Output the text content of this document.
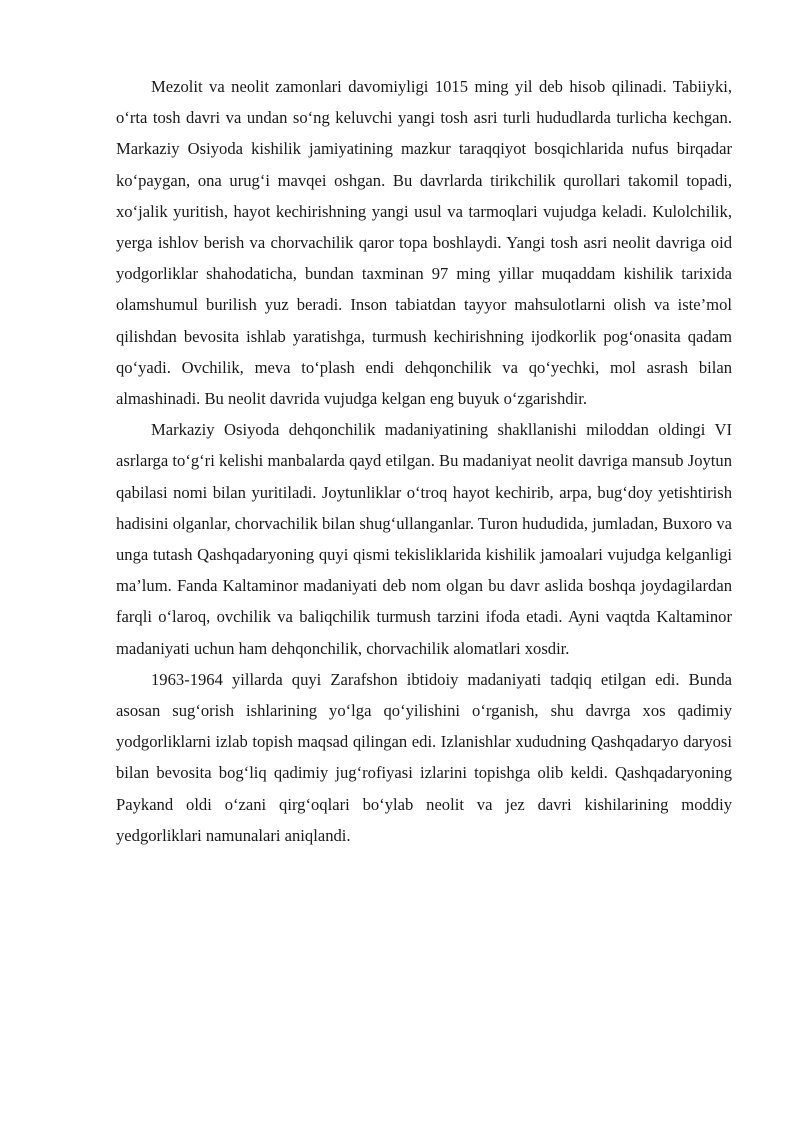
Mezolit va neolit zamonlari davomiyligi 1015 ming yil deb hisob qilinadi. Tabiiyki, o‘rta tosh davri va undan so‘ng keluvchi yangi tosh asri turli hududlarda turlicha kechgan. Markaziy Osiyoda kishilik jamiyatining mazkur taraqqiyot bosqichlarida nufus birqadar ko‘paygan, ona urug‘i mavqei oshgan. Bu davrlarda tirikchilik qurollari takomil topadi, xo‘jalik yuritish, hayot kechirishning yangi usul va tarmoqlari vujudga keladi. Kulolchilik, yerga ishlov berish va chorvachilik qaror topa boshlaydi. Yangi tosh asri neolit davriga oid yodgorliklar shahodaticha, bundan taxminan 97 ming yillar muqaddam kishilik tarixida olamshumul burilish yuz beradi. Inson tabiatdan tayyor mahsulotlarni olish va iste’mol qilishdan bevosita ishlab yaratishga, turmush kechirishning ijodkorlik pog‘onasita qadam qo‘yadi. Ovchilik, meva to‘plash endi dehqonchilik va qo‘yechki, mol asrash bilan almashinadi. Bu neolit davrida vujudga kelgan eng buyuk o‘zgarishdir.

Markaziy Osiyoda dehqonchilik madaniyatining shakllanishi miloddan oldingi VI asrlarga to‘g‘ri kelishi manbalarda qayd etilgan. Bu madaniyat neolit davriga mansub Joytun qabilasi nomi bilan yuritiladi. Joytunliklar o‘troq hayot kechirib, arpa, bug‘doy yetishtirish hadisini olganlar, chorvachilik bilan shug‘ullanganlar. Turon hududida, jumladan, Buxoro va unga tutash Qashqadaryoning quyi qismi tekisliklarida kishilik jamoalari vujudga kelganligi ma’lum. Fanda Kaltaminor madaniyati deb nom olgan bu davr aslida boshqa joydagilardan farqli o‘laroq, ovchilik va baliqchilik turmush tarzini ifoda etadi. Ayni vaqtda Kaltaminor madaniyati uchun ham dehqonchilik, chorvachilik alomatlari xosdir.

1963-1964 yillarda quyi Zarafshon ibtidoiy madaniyati tadqiq etilgan edi. Bunda asosan sug‘orish ishlarining yo‘lga qo‘yilishini o‘rganish, shu davrga xos qadimiy yodgorliklarni izlab topish maqsad qilingan edi. Izlanishlar xududning Qashqadaryo daryosi bilan bevosita bog‘liq qadimiy jug‘rofiyasi izlarini topishga olib keldi. Qashqadaryoning Paykand oldi o‘zani qirg‘oqlari bo‘ylab neolit va jez davri kishilarining moddiy yedgorliklari namunalari aniqlandi.
